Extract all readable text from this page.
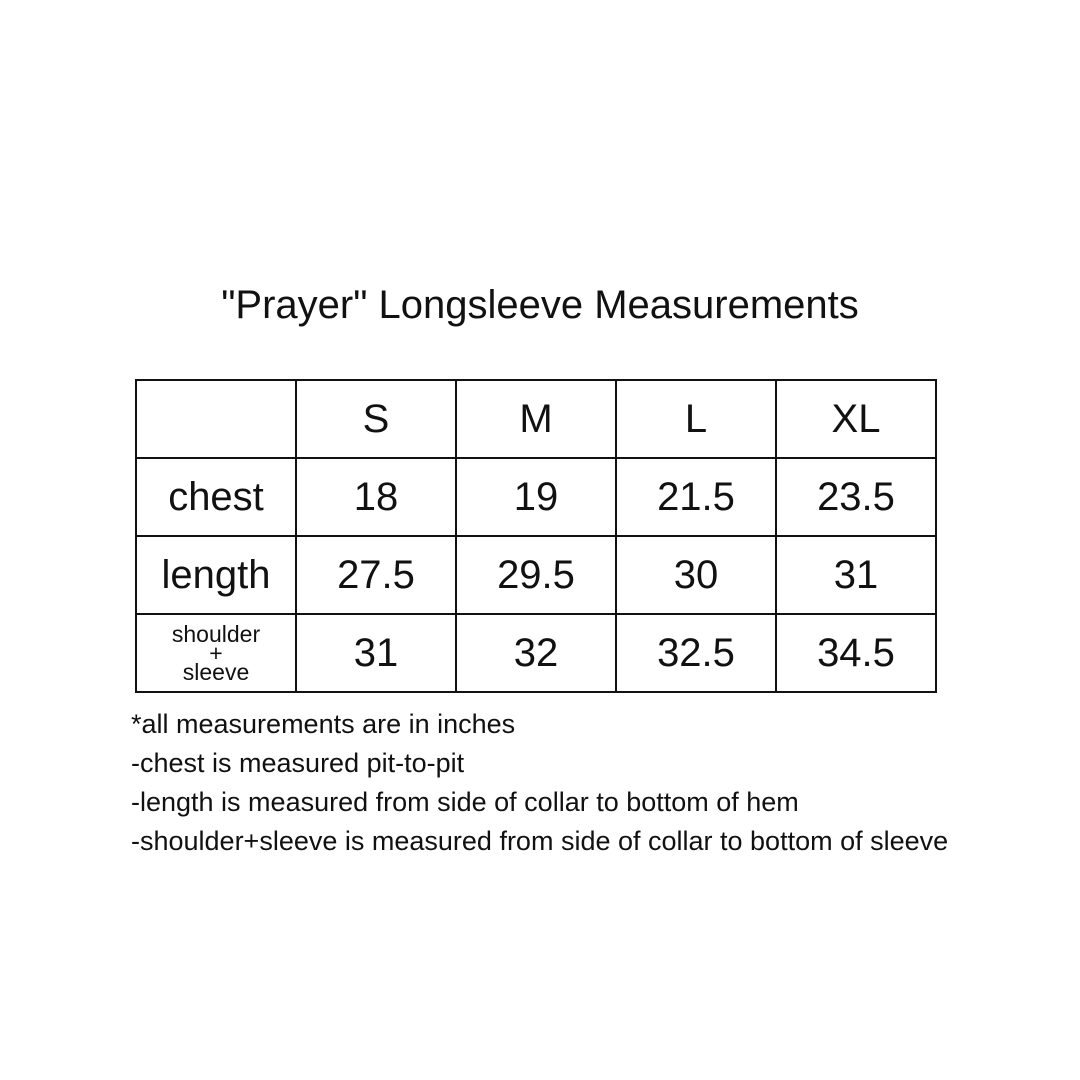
"Prayer" Longsleeve Measurements
	S	M	L	XL
chest	18	19	21.5	23.5
length	27.5	29.5	30	31

shoulder
+
sleeve	31	32	32.5	34.5

*all measurements are in inches

-chest is measured pit-to-pit

-length is measured from side of collar to bottom of hem

-shoulder+sleeve is measured from side of collar to bottom of sleeve
